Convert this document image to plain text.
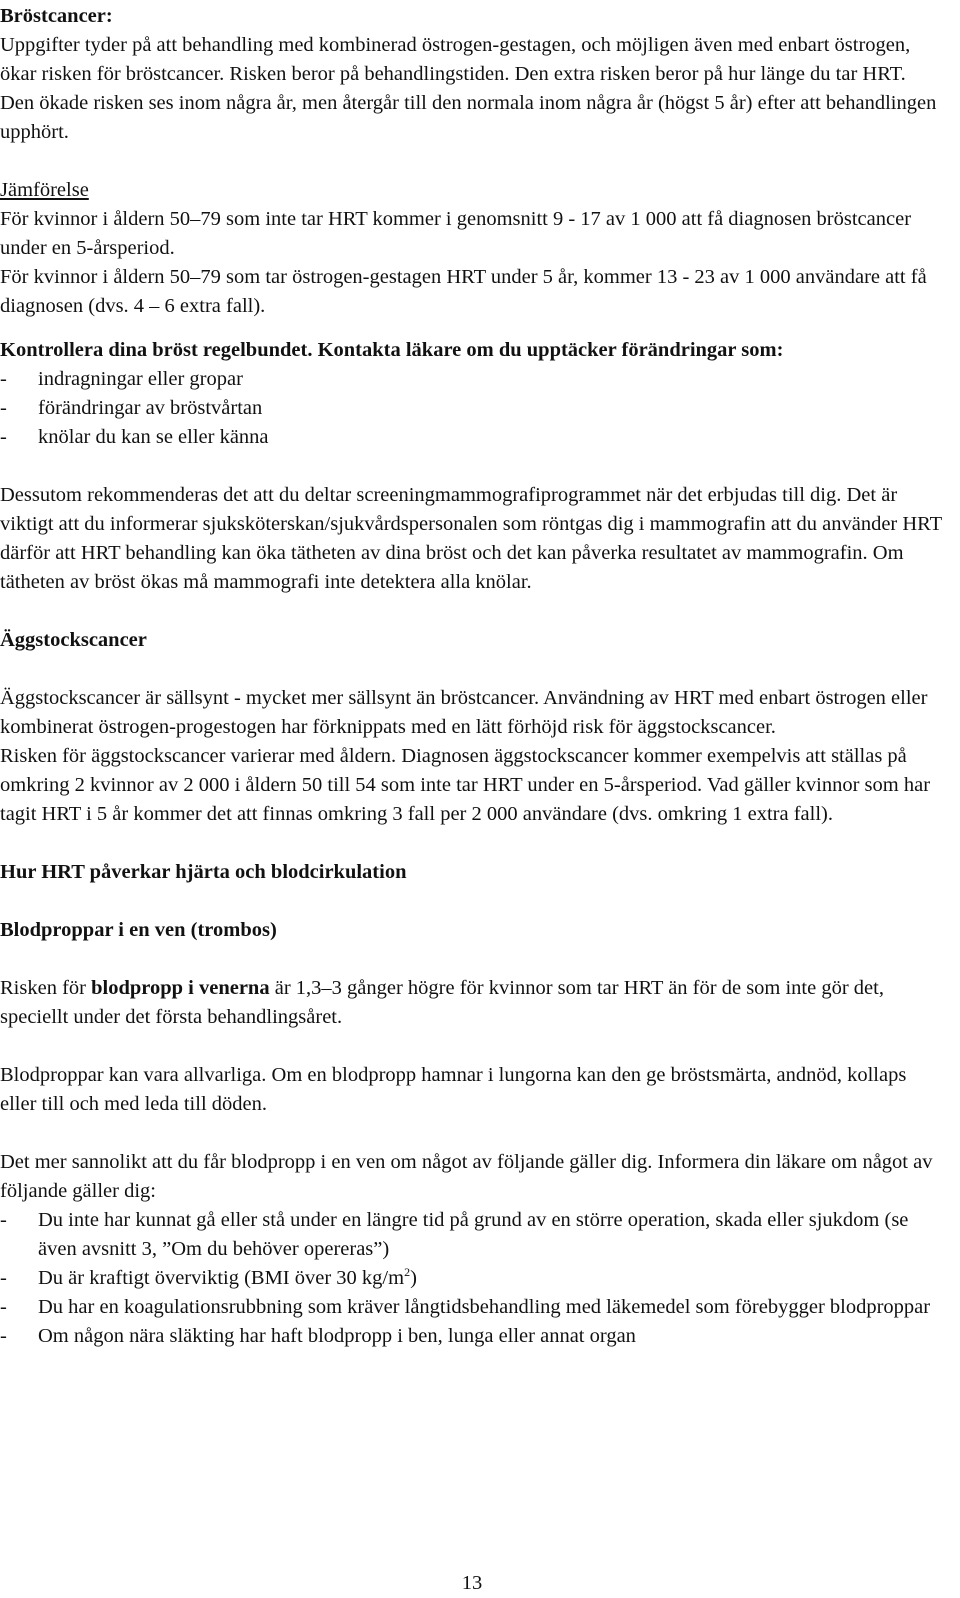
Bröstcancer:

Uppgifter tyder på att behandling med kombinerad östrogen-gestagen, och möjligen även med enbart östrogen, ökar risken för bröstcancer. Risken beror på behandlingstiden. Den extra risken beror på hur länge du tar HRT. Den ökade risken ses inom några år, men återgår till den normala inom några år (högst 5 år) efter att behandlingen upphört.

Jämförelse

För kvinnor i åldern 50–79 som inte tar HRT kommer i genomsnitt 9 - 17 av 1 000 att få diagnosen bröstcancer under en 5-årsperiod.

För kvinnor i åldern 50–79 som tar östrogen-gestagen HRT under 5 år, kommer 13 - 23 av 1 000 användare att få diagnosen (dvs. 4 – 6 extra fall).

Kontrollera dina bröst regelbundet. Kontakta läkare om du upptäcker förändringar som:

-	indragningar eller gropar
-	förändringar av bröstvårtan
-	knölar du kan se eller känna

Dessutom rekommenderas det att du deltar screeningmammografiprogrammet när det erbjudas till dig. Det är viktigt att du informerar sjuksköterskan/sjukvårdspersonalen som röntgas dig i mammografin att du använder HRT därför att HRT behandling kan öka tätheten av dina bröst och det kan påverka resultatet av mammografin. Om tätheten av bröst ökas må mammografi inte detektera alla knölar.

Äggstockscancer

Äggstockscancer är sällsynt - mycket mer sällsynt än bröstcancer. Användning av HRT med enbart östrogen eller kombinerat östrogen-progestogen har förknippats med en lätt förhöjd risk för äggstockscancer.

Risken för äggstockscancer varierar med åldern. Diagnosen äggstockscancer kommer exempelvis att ställas på omkring 2 kvinnor av 2 000 i åldern 50 till 54 som inte tar HRT under en 5-årsperiod. Vad gäller kvinnor som har tagit HRT i 5 år kommer det att finnas omkring 3 fall per 2 000 användare (dvs. omkring 1 extra fall).

Hur HRT påverkar hjärta och blodcirkulation

Blodproppar i en ven (trombos)

Risken för blodpropp i venerna är 1,3–3 gånger högre för kvinnor som tar HRT än för de som inte gör det, speciellt under det första behandlingsåret.

Blodproppar kan vara allvarliga. Om en blodpropp hamnar i lungorna kan den ge bröstsmärta, andnöd, kollaps eller till och med leda till döden.

Det mer sannolikt att du får blodpropp i en ven om något av följande gäller dig. Informera din läkare om något av följande gäller dig:

-	Du inte har kunnat gå eller stå under en längre tid på grund av en större operation, skada eller sjukdom (se även avsnitt 3, ”Om du behöver opereras”)
-	Du är kraftigt överviktig (BMI över 30 $kg/m^2$)
-	Du har en koagulationsrubbning som kräver långtidsbehandling med läkemedel som förebygger blodproppar
-	Om någon nära släkting har haft blodpropp i ben, lunga eller annat organ
13
